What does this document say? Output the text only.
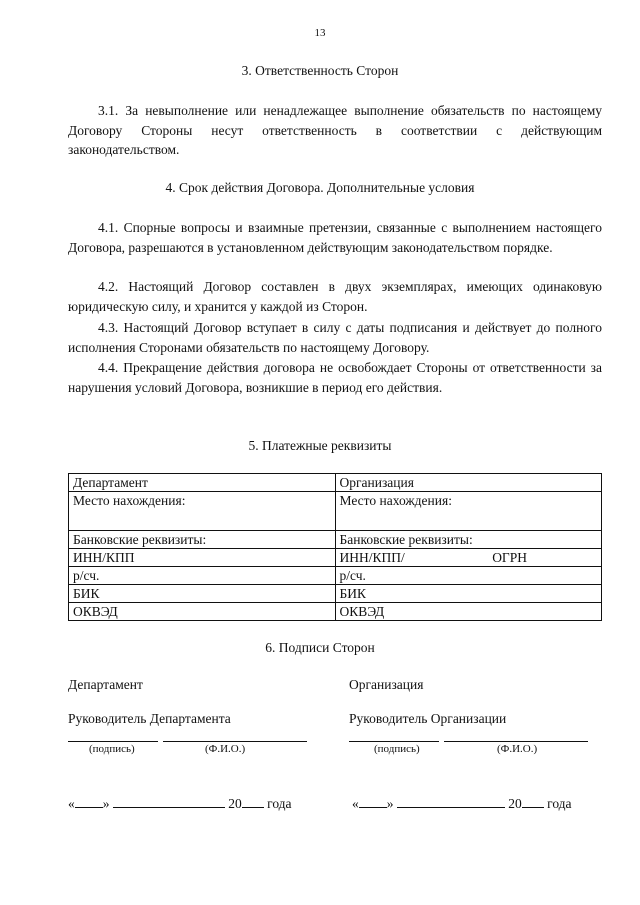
13
3. Ответственность Сторон
3.1. За невыполнение или ненадлежащее выполнение обязательств по настоящему Договору Стороны несут ответственность в соответствии с действующим законодательством.
4. Срок действия Договора. Дополнительные условия
4.1. Спорные вопросы и взаимные претензии, связанные с выполнением настоящего Договора, разрешаются в установленном действующим законодательством порядке.
4.2. Настоящий Договор составлен в двух экземплярах, имеющих одинаковую юридическую силу, и хранится у каждой из Сторон.
4.3. Настоящий Договор вступает в силу с даты подписания и действует до полного исполнения Сторонами обязательств по настоящему Договору.
4.4. Прекращение действия договора не освобождает Стороны от ответственности за нарушения условий Договора, возникшие в период его действия.
5. Платежные реквизиты
Департамент	Организация
Место нахождения:	Место нахождения:
Банковские реквизиты:	Банковские реквизиты:
ИНН/КПП	ИНН/КПП/ ОГРН

р/сч.	р/сч.
БИК	БИК
ОКВЭД	ОКВЭД
6. Подписи Сторон
Департамент
Руководитель Департамента
(подпись)	(Ф.И.О.)
« »	20 года
Организация
Руководитель Организации
(подпись)	(Ф.И.О.)
« »	20 года
